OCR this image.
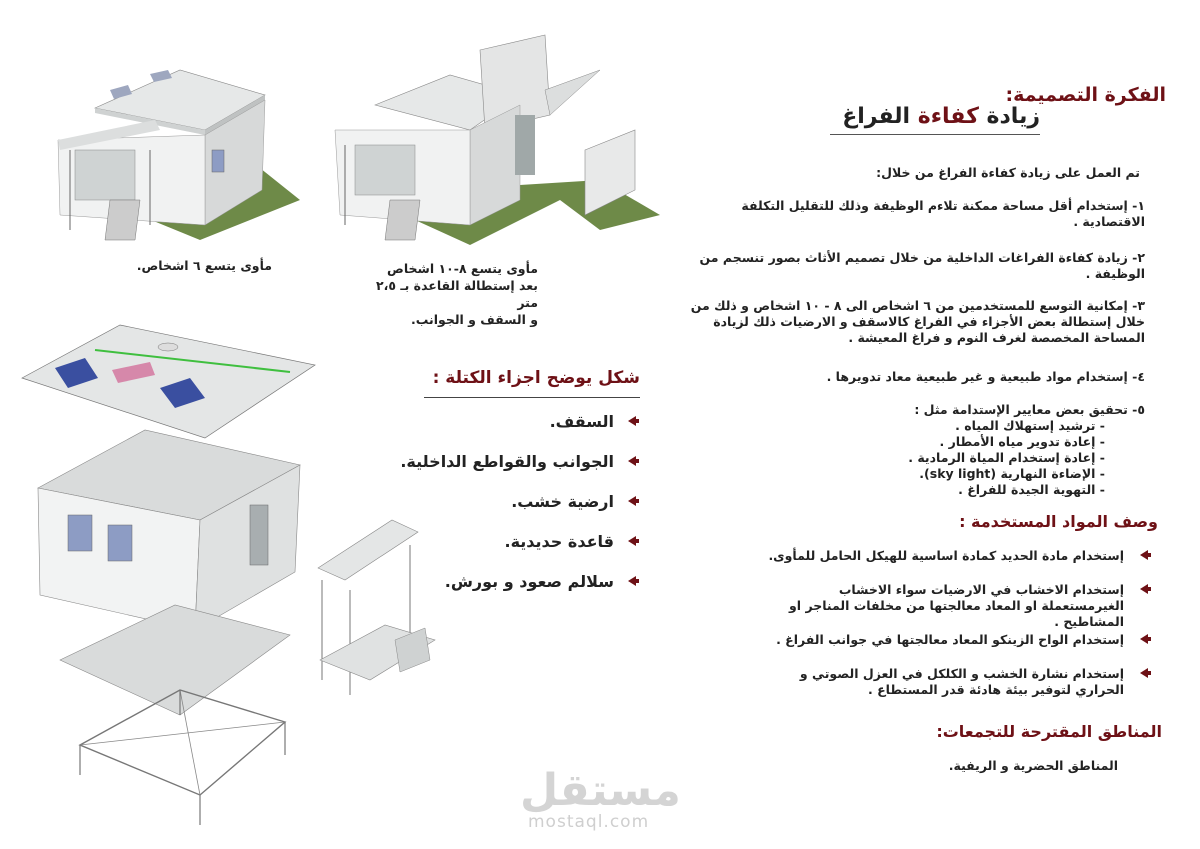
الفكرة التصميمة:
زيادة كفاءة الفراغ
تم العمل على زيادة كفاءة الفراغ من خلال:
١- إستخدام أقل مساحة ممكنة تلاءم الوظيفة وذلك للتقليل التكلفة الاقتصادية .
٢- زيادة كفاءة الفراغات الداخلية من خلال تصميم الأثاث بصور تنسجم من الوظيفة .
٣- إمكانية التوسع للمستخدمين من ٦ اشخاص الى ٨ - ١٠ اشخاص و ذلك من خلال إستطالة بعض الأجزاء في الفراغ كالاسقف و الارضيات ذلك لزيادة المساحة المخصصة لغرف النوم و فراغ المعيشة .
٤- إستخدام مواد طبيعية و غير طبيعية معاد تدويرها .
٥- تحقيق بعض معايير الإستدامة مثل :
- ترشيد إستهلاك المياه .
- إعادة تدوير مياه الأمطار .
- إعادة إستخدام المياة الرمادية .
- الإضاءة النهارية (sky light).
- التهوية الجيدة للفراغ .
وصف المواد المستخدمة :
إستخدام مادة الحديد كمادة اساسية للهيكل الحامل للمأوى.
إستخدام الاخشاب في الارضيات سواء الاخشاب الغيرمستعملة او المعاد معالجتها من مخلفات المناجر او المشاطيح .
إستخدام الواح الزينكو المعاد معالجتها في جوانب الفراغ .
إستخدام نشارة الخشب و الكلكل في العزل الصوتي و الحراري لتوفير بيئة هادئة قدر المستطاع .
المناطق المقترحة للتجمعات:
المناطق الحضرية و الريفية.
شكل يوضح اجزاء الكتلة :
السقف.
الجوانب والقواطع الداخلية.
ارضية خشب.
قاعدة حديدية.
سلالم صعود و بورش.
مأوى يتسع ٦ اشخاص.	مأوى يتسع ٨-١٠ اشخاص
بعد إستطالة القاعدة بـ ٢،٥ متر
و السقف و الجوانب.
مستقل
mostaql.com
